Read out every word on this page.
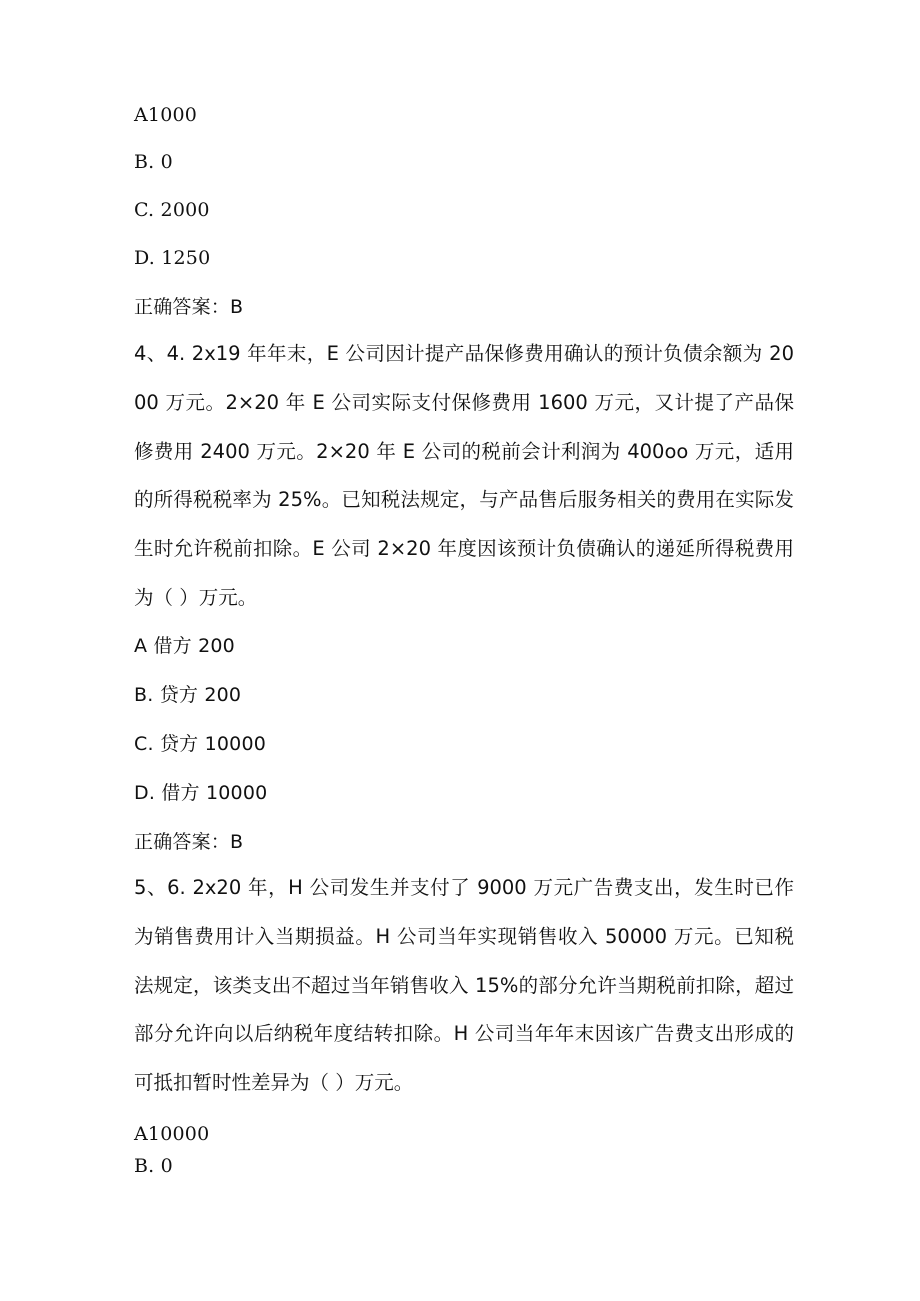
A1000
B. 0
C. 2000
D. 1250
正确答案：B

4、4. 2x19 年年末，E 公司因计提产品保修费用确认的预计负债余额为 2000 万元。2×20 年 E 公司实际支付保修费用 1600 万元，又计提了产品保修费用 2400 万元。2×20 年 E 公司的税前会计利润为 400oo 万元，适用的所得税税率为 25%。已知税法规定，与产品售后服务相关的费用在实际发生时允许税前扣除。E 公司 2×20 年度因该预计负债确认的递延所得税费用为（ ）万元。

A 借方 200
B. 贷方 200
C. 贷方 10000
D. 借方 10000
正确答案：B

5、6. 2x20 年，H 公司发生并支付了 9000 万元广告费支出，发生时已作为销售费用计入当期损益。H 公司当年实现销售收入 50000 万元。已知税法规定，该类支出不超过当年销售收入 15%的部分允许当期税前扣除，超过部分允许向以后纳税年度结转扣除。H 公司当年年末因该广告费支出形成的可抵扣暂时性差异为（ ）万元。

A10000
B. 0
